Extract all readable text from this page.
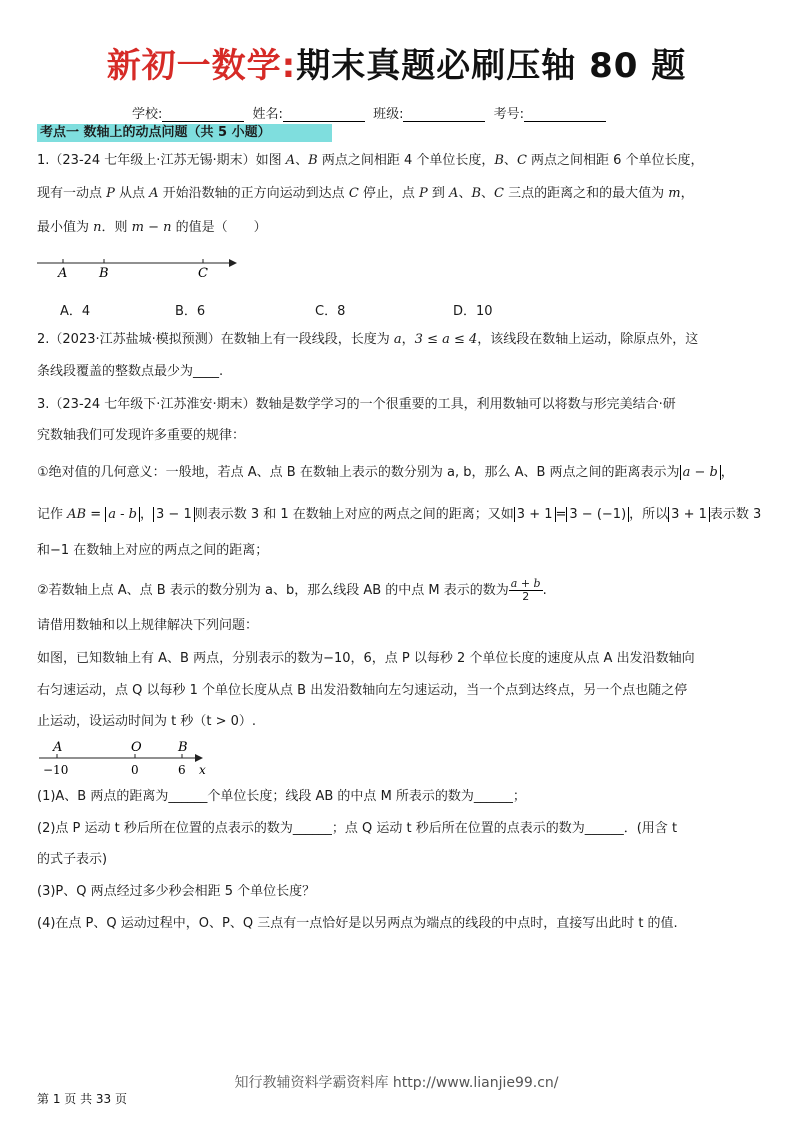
新初一数学:期末真题必刷压轴 80 题
学校:	姓名:	班级:	考号:
考点一 数轴上的动点问题（共 5 小题）
1.（23-24 七年级上·江苏无锡·期末）如图 A、B 两点之间相距 4 个单位长度，B、C 两点之间相距 6 个单位长度，
现有一动点 P 从点 A 开始沿数轴的正方向运动到达点 C 停止，点 P 到 A、B、C 三点的距离之和的最大值为 m，
最小值为 n．则 m − n 的值是（　　）
A B	C
A．4	B．6	C．8	D．10
2.（2023·江苏盐城·模拟预测）在数轴上有一段线段，长度为 a，3 ≤ a ≤ 4，该线段在数轴上运动，除原点外，这
条线段覆盖的整数点最少为____.
3.（23-24 七年级下·江苏淮安·期末）数轴是数学学习的一个很重要的工具，利用数轴可以将数与形完美结合·研
究数轴我们可发现许多重要的规律：
①绝对值的几何意义：一般地，若点 A、点 B 在数轴上表示的数分别为 a, b，那么 A、B 两点之间的距离表示为 a − b ，
记作 AB = a - b ， 3 − 1 则表示数 3 和 1 在数轴上对应的两点之间的距离；又如 3 + 1 = 3 − (−1) ，所以 3 + 1 表示数 3
和−1 在数轴上对应的两点之间的距离；
②若数轴上点 A、点 B 表示的数分别为 a、b，那么线段 AB 的中点 M 表示的数为 $\frac{a + b}{2}$ .
请借用数轴和以上规律解决下列问题：
如图，已知数轴上有 A、B 两点，分别表示的数为−10，6，点 P 以每秒 2 个单位长度的速度从点 A 出发沿数轴向
右匀速运动，点 Q 以每秒 1 个单位长度从点 B 出发沿数轴向左匀速运动，当一个点到达终点，另一个点也随之停
止运动，设运动时间为 t 秒（t > 0）.
A	O	B
−10	0	6 x
(1)A、B 两点的距离为______个单位长度；线段 AB 的中点 M 所表示的数为______；
(2)点 P 运动 t 秒后所在位置的点表示的数为______；点 Q 运动 t 秒后所在位置的点表示的数为______．(用含 t
的式子表示)
(3)P、Q 两点经过多少秒会相距 5 个单位长度？
(4)在点 P、Q 运动过程中，O、P、Q 三点有一点恰好是以另两点为端点的线段的中点时，直接写出此时 t 的值.
知行教辅资料学霸资料库 http://www.lianjie99.cn/
第 1 页 共 33 页
